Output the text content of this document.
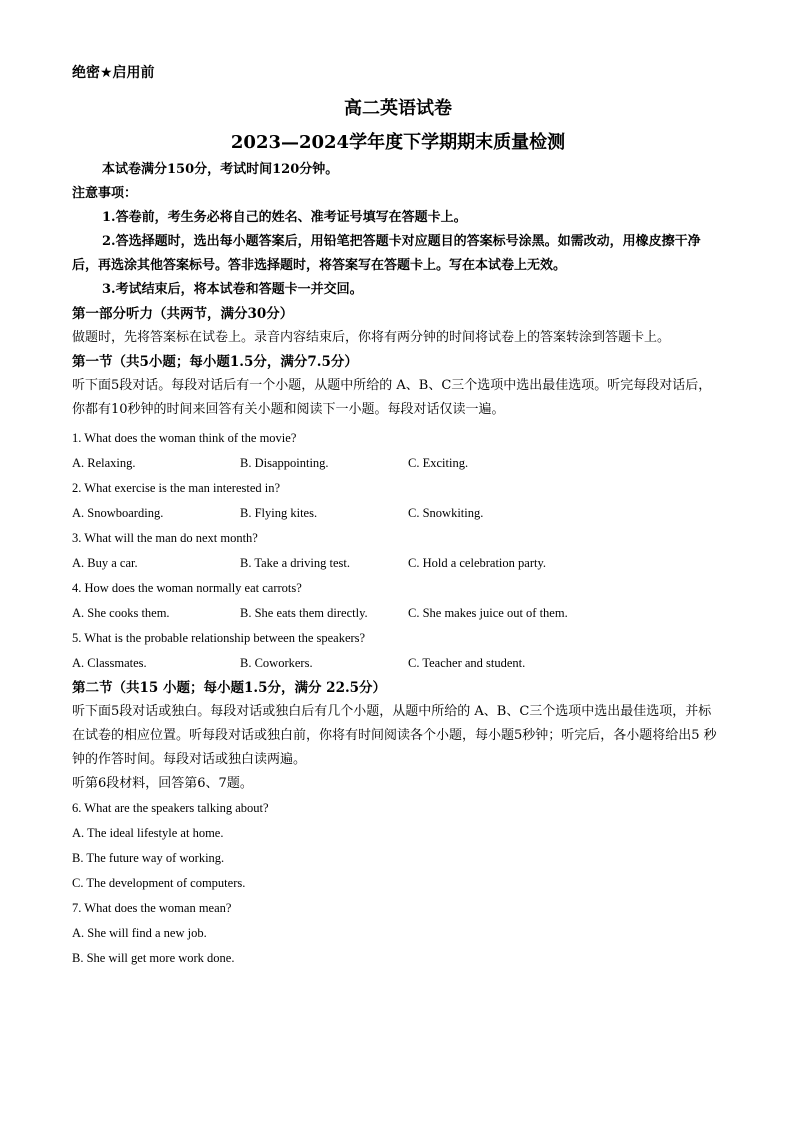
绝密★启用前
高二英语试卷
2023—2024学年度下学期期末质量检测
本试卷满分150分，考试时间120分钟。
注意事项：
1.答卷前，考生务必将自己的姓名、准考证号填写在答题卡上。
2.答选择题时，选出每小题答案后，用铅笔把答题卡对应题目的答案标号涂黑。如需改动，用橡皮擦干净后，再选涂其他答案标号。答非选择题时，将答案写在答题卡上。写在本试卷上无效。
3.考试结束后，将本试卷和答题卡一并交回。
第一部分听力（共两节，满分30分）
做题时，先将答案标在试卷上。录音内容结束后，你将有两分钟的时间将试卷上的答案转涂到答题卡上。
第一节（共5小题；每小题1.5分，满分7.5分）
听下面5段对话。每段对话后有一个小题，从题中所给的 A、B、C三个选项中选出最佳选项。听完每段对话后，你都有10秒钟的时间来回答有关小题和阅读下一小题。每段对话仅读一遍。
1. What does the woman think of the movie?
A. Relaxing.	B. Disappointing.	C. Exciting.
2. What exercise is the man interested in?
A. Snowboarding.	B. Flying kites.	C. Snowkiting.
3. What will the man do next month?
A. Buy a car.	B. Take a driving test.	C. Hold a celebration party.
4. How does the woman normally eat carrots?
A. She cooks them.	B. She eats them directly.	C. She makes juice out of them.
5. What is the probable relationship between the speakers?
A. Classmates.	B. Coworkers.	C. Teacher and student.
第二节（共15 小题；每小题1.5分，满分 22.5分）
听下面5段对话或独白。每段对话或独白后有几个小题，从题中所给的 A、B、C三个选项中选出最佳选项，并标在试卷的相应位置。听每段对话或独白前，你将有时间阅读各个小题，每小题5秒钟；听完后，各小题将给出5 秒钟的作答时间。每段对话或独白读两遍。
听第6段材料，回答第6、7题。
6. What are the speakers talking about?
A. The ideal lifestyle at home.
B. The future way of working.
C. The development of computers.
7. What does the woman mean?
A. She will find a new job.
B. She will get more work done.
